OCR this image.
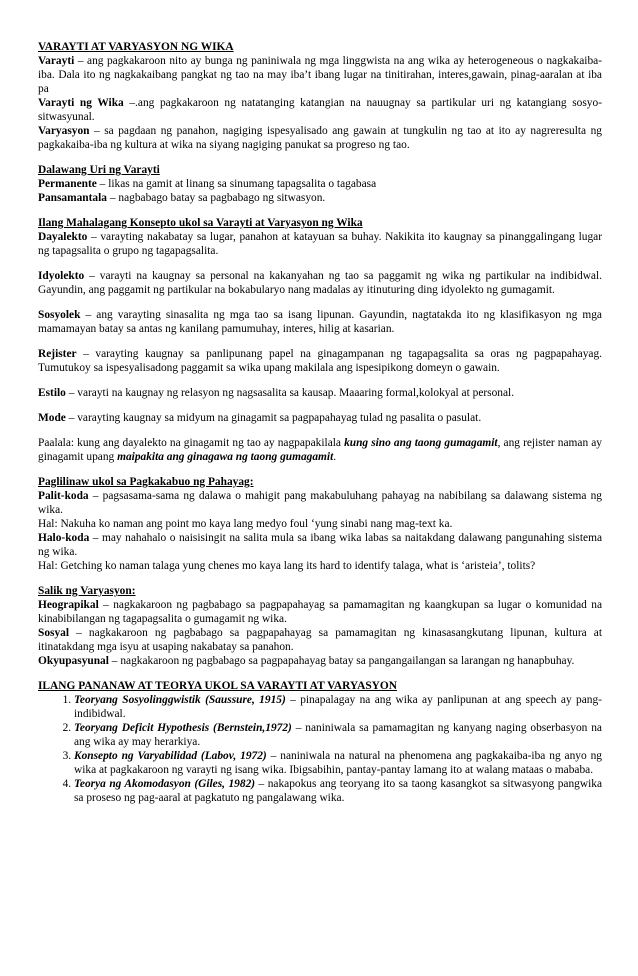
VARAYTI AT VARYASYON NG WIKA

Varayti – ang pagkakaroon nito ay bunga ng paniniwala ng mga linggwista na ang wika ay heterogeneous o nagkakaiba-iba. Dala ito ng nagkakaibang pangkat ng tao na may iba’t ibang lugar na tinitirahan, interes,gawain, pinag-aaralan at iba pa

Varayti ng Wika –.ang pagkakaroon ng natatanging katangian na nauugnay sa partikular uri ng katangiang sosyo-sitwasyunal.

Varyasyon – sa pagdaan ng panahon, nagiging ispesyalisado ang gawain at tungkulin ng tao at ito ay nagreresulta ng pagkakaiba-iba ng kultura at wika na siyang nagiging panukat sa progreso ng tao.

Dalawang Uri ng Varayti

Permanente – likas na gamit at linang sa sinumang tapagsalita o tagabasa

Pansamantala – nagbabago batay sa pagbabago ng sitwasyon.

Ilang Mahalagang Konsepto ukol sa Varayti at Varyasyon ng Wika

Dayalekto – varayting nakabatay sa lugar, panahon at katayuan sa buhay. Nakikita ito kaugnay sa pinanggalingang lugar ng tapagsalita o grupo ng tagapagsalita.

Idyolekto – varayti na kaugnay sa personal na kakanyahan ng tao sa paggamit ng wika ng partikular na indibidwal. Gayundin, ang paggamit ng partikular na bokabularyo nang madalas ay itinuturing ding idyolekto ng gumagamit.

Sosyolek – ang varayting sinasalita ng mga tao sa isang lipunan. Gayundin, nagtatakda ito ng klasifikasyon ng mga mamamayan batay sa antas ng kanilang pamumuhay, interes, hilig at kasarian.

Rejister – varayting kaugnay sa panlipunang papel na ginagampanan ng tagapagsalita sa oras ng pagpapahayag. Tumutukoy sa ispesyalisadong paggamit sa wika upang makilala ang ispesipikong domeyn o gawain.

Estilo – varayti na kaugnay ng relasyon ng nagsasalita sa kausap. Maaaring formal,kolokyal at personal.

Mode – varayting kaugnay sa midyum na ginagamit sa pagpapahayag tulad ng pasalita o pasulat.

Paalala: kung ang dayalekto na ginagamit ng tao ay nagpapakilala kung sino ang taong gumagamit, ang rejister naman ay ginagamit upang maipakita ang ginagawa ng taong gumagamit.

Paglilinaw ukol sa Pagkakabuo ng Pahayag:

Palit-koda – pagsasama-sama ng dalawa o mahigit pang makabuluhang pahayag na nabibilang sa dalawang sistema ng wika.

Hal: Nakuha ko naman ang point mo kaya lang medyo foul ‘yung sinabi nang mag-text ka.

Halo-koda – may nahahalo o naisisingit na salita mula sa ibang wika labas sa naitakdang dalawang pangunahing sistema ng wika.

Hal: Getching ko naman talaga yung chenes mo kaya lang its hard to identify talaga, what is ‘aristeia’, tolits?

Salik ng Varyasyon:

Heograpikal – nagkakaroon ng pagbabago sa pagpapahayag sa pamamagitan ng kaangkupan sa lugar o komunidad na kinabibilangan ng tagapagsalita o gumagamit ng wika.

Sosyal – nagkakaroon ng pagbabago sa pagpapahayag sa pamamagitan ng kinasasangkutang lipunan, kultura at itinatakdang mga isyu at usaping nakabatay sa panahon.

Okyupasyunal – nagkakaroon ng pagbabago sa pagpapahayag batay sa pangangailangan sa larangan ng hanapbuhay.

ILANG PANANAW AT TEORYA UKOL SA VARAYTI AT VARYASYON

1. Teoryang Sosyolinggwistik (Saussure, 1915) – pinapalagay na ang wika ay panlipunan at ang speech ay pang-indibidwal.
2. Teoryang Deficit Hypothesis (Bernstein,1972) – naniniwala sa pamamagitan ng kanyang naging obserbasyon na ang wika ay may herarkiya.
3. Konsepto ng Varyabilidad (Labov, 1972) – naniniwala na natural na phenomena ang pagkakaiba-iba ng anyo ng wika at pagkakaroon ng varayti ng isang wika. Ibigsabihin, pantay-pantay lamang ito at walang mataas o mababa.
4. Teorya ng Akomodasyon (Giles, 1982) – nakapokus ang teoryang ito sa taong kasangkot sa sitwasyong pangwika sa proseso ng pag-aaral at pagkatuto ng pangalawang wika.
